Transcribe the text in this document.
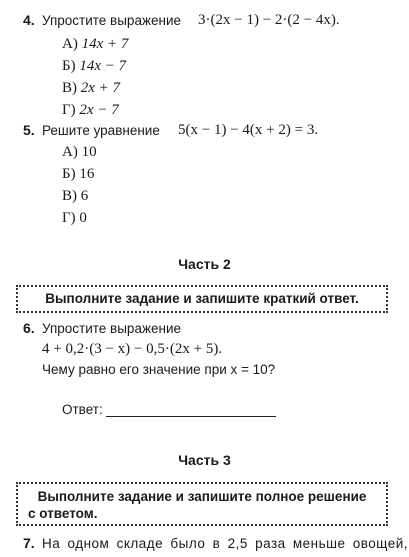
4. Упростите выражение 3·(2x − 1) − 2·(2 − 4x).
А) 14x + 7
Б) 14x − 7
В) 2x + 7
Г) 2x − 7
5. Решите уравнение 5(x − 1) − 4(x + 2) = 3.
А) 10
Б) 16
В) 6
Г) 0
Часть 2
Выполните задание и запишите краткий ответ.
6. Упростите выражение
4 + 0,2·(3 − x) − 0,5·(2x + 5).
Чему равно его значение при x = 10?
Ответ:
Часть 3
Выполните задание и запишите полное решение
с ответом.
7. На одном складе было в 2,5 раза меньше овощей,
